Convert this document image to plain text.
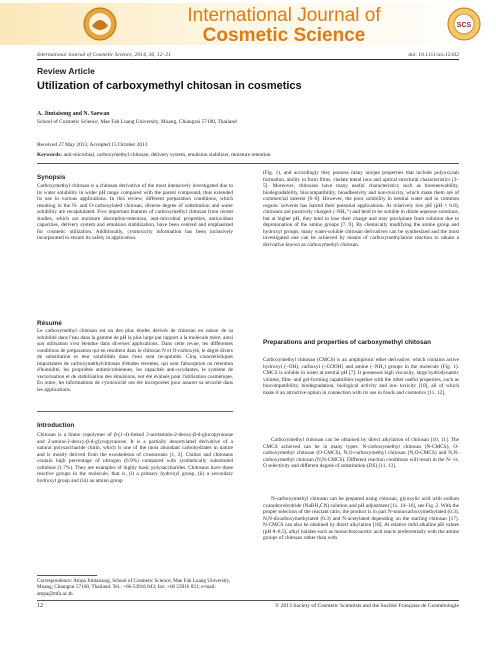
International Journal of
Cosmetic Science	SCS
International Journal of Cosmetic Science, 2014, 36, 12–21	doi: 10.1111/ics.12102
Review Article
Utilization of carboxymethyl chitosan in cosmetics
A. Jimtaisong and N. Saewan
School of Cosmetic Science, Mae Fah Luang University, Muang, Chiangrai 57100, Thailand
Received 27 May 2013, Accepted 15 October 2013
Keywords: anti-microbial, carboxymethyl chitosan, delivery system, emulsion stabilizer, moisture retention
Synopsis
Carboxymethyl chitosan is a chitosan derivative of the most intensively investigated due to its water solubility in wider pH range compared with the parent compound, thus extended its use in various applications. In this review, different preparation conditions, which resulting in the N- and O-carboxylated chitosan, diverse degree of substitution and water solubility are recapitulated. Five important features of carboxymethyl chitosan from recent studies, which are moisture absorption-retention, anti-microbial properties, antioxidant capacities, delivery system and emulsion stabilization, have been centred and emphasized for cosmetic utilization. Additionally, cytotoxicity information has been inclusively incorporated to ensure its safety in application.
Résumé
Le carboxyméthyl chitosan est un des plus études dérivés de chitosan en raison de sa solubilité dans l'eau dans la gamme de pH la plus large par rapport à la molécule mère; ainsi son utilisation s'est étendue dans diverses applications. Dans cette revue, les différentes conditions de préparation qui en résultent dans le chitosan N et O-carboxylé, le degré divers de substitution et leur solubilités dans l'eau sont recapitulés. Cinq caractéristiques importantes de carboxyméthylchitosan d'études récentes, qui sont l'absorption ou rétention d'humidité, les propriétés antimicrobiennes, les capacités anti-oxydantes, le système de vectorisation et de stabilisation des émulsions, ont été évalués pour l'utilisation cosmétique. En outre, les informations de cytotoxicité ont été incorporées pour assurer sa sécurité dans les applications.
Introduction
Chitosan is a linear copolymer of β-(1-4)-linked 2-acetamido-2-deoxy-β-d-glucopyranose and 2-amino-2-deoxy-β-d-glycopyranose. It is a partially deacetylated derivative of a natural polysaccharide chitin, which is one of the most abundant carbohydrates in nature and is mostly derived from the exoskeleton of crustaceans [1, 2]. Chitins and chitosans contain high percentage of nitrogen (6.9%) compared with synthetically substituted cellulose (1.7%). They are examples of highly basic polysaccharides. Chitosans have three reactive groups in the molecule, that is, (i) a primary hydroxyl group, (ii) a secondary hydroxyl group and (iii) an amino group
Correspondence: Ampa Jimtaisong, School of Cosmetic Science, Mae Fah Luang University, Muang, Chiangrai 57100, Thailand. Tel.: +66-53916 843; fax: +66 53916 831; e-mail: ampa@mfu.ac.th
(Fig. 1), and accordingly they possess many unique properties that include polyoxysalt formation, ability to form films, chelate metal ions and optical structural characteristics [3–5]. Moreover, chitosans have many useful characteristics such as biorenewability, biodegradability, biocompatibility, bioadhesivity and non-toxicity, which make them are of commercial interest [6–8]. However, the poor solubility in neutral water and in common organic solvents has barred their potential applications. At relatively low pH (pH < 6.0), chitosans are positively charged (–NH₃⁺) and tend to be soluble in dilute aqueous solutions, but at higher pH, they tend to lose their charge and may precipitate from solution due to deprotonation of the amino groups [7, 9]. By chemically modifying the amine group and hydroxyl groups, many water-soluble chitosan derivatives can be synthesized and the most investigated one can be achieved by means of carboxymethylation reaction to obtain a derivative known as carboxymethyl chitosan.
Preparations and properties of carboxymethyl chitosan
Carboxymethyl chitosan (CMCS) is an amphiprotic ether derivative, which contains active hydroxyl (–OH), carboxyl (–COOH) and amine (–NH₂) groups in the molecule (Fig. 1). CMCS is soluble in water at neutral pH [7]. It possesses high viscosity, large hydrodynamic volume, film- and gel-forming capabilities together with the other useful properties, such as biocompatibility, biodegradation, biological activity and low toxicity [10], all of which make it an attractive option in connection with its use in foods and cosmetics [11, 12].
Carboxymethyl chitosan can be obtained by direct alkylation of chitosan [10, 11]. The CMCS achieved can be in many types: N-carboxymethyl chitosan (N-CMCS), O-carboxymethyl chitosan (O-CMCS), N,O-carboxymethyl chitosan (N,O-CMCS) and N,N-carboxymethyl chitosan (N,N-CMCS). Different reaction conditions will result in the N- vs. O selectivity and different degree of substitution (DS) [11, 13].
N-carboxymethyl chitosan can be prepared using chitosan, glyoxylic acid with sodium cyanoborohydride (NaBH₃CN) solution and pH adjustment [11, 14–16], see Fig. 2. With the proper selection of the reactant ratio, the product is in part N-monocarboxymethylated (0.3), N,N-dicarboxymethylated (0.3) and N-acetylated depending on the starting chitosan [17]. N-CMCS can also be obtained by direct alkylation [18]. At relative mild alkaline pH values (pH 8–8.5), alkyl halides such as monochloroacetic acid reacts preferentially with the amine groups of chitosan rather than with
12	© 2013 Society of Cosmetic Scientists and the Société Française de Cosmétologie
